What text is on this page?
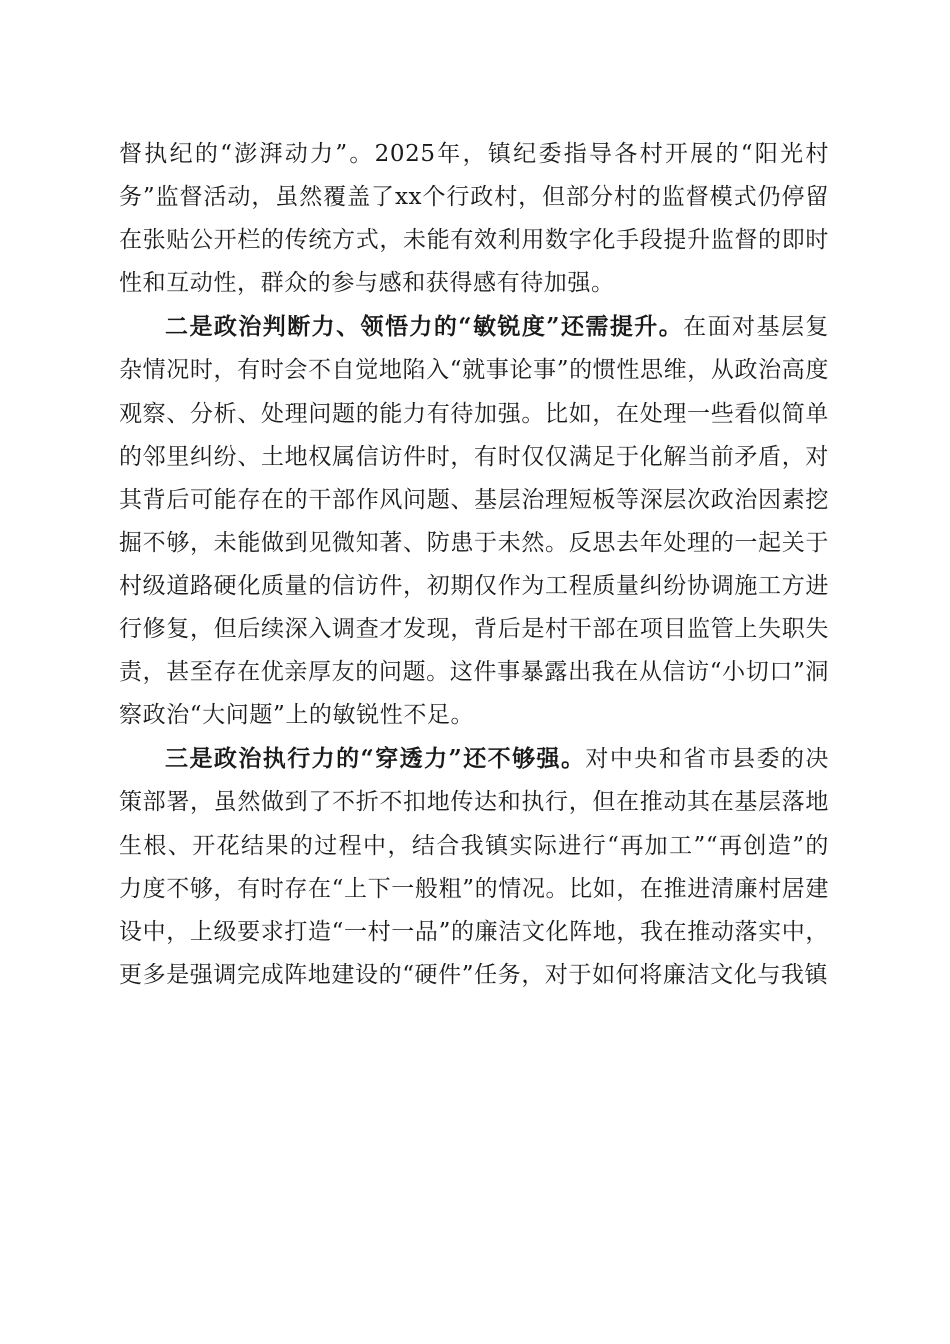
督执纪的“澎湃动力”。2025年，镇纪委指导各村开展的“阳光村务”监督活动，虽然覆盖了xx个行政村，但部分村的监督模式仍停留在张贴公开栏的传统方式，未能有效利用数字化手段提升监督的即时性和互动性，群众的参与感和获得感有待加强。

二是政治判断力、领悟力的“敏锐度”还需提升。在面对基层复杂情况时，有时会不自觉地陷入“就事论事”的惯性思维，从政治高度观察、分析、处理问题的能力有待加强。比如，在处理一些看似简单的邻里纠纷、土地权属信访件时，有时仅仅满足于化解当前矛盾，对其背后可能存在的干部作风问题、基层治理短板等深层次政治因素挖掘不够，未能做到见微知著、防患于未然。反思去年处理的一起关于村级道路硬化质量的信访件，初期仅作为工程质量纠纷协调施工方进行修复，但后续深入调查才发现，背后是村干部在项目监管上失职失责，甚至存在优亲厚友的问题。这件事暴露出我在从信访“小切口”洞察政治“大问题”上的敏锐性不足。

三是政治执行力的“穿透力”还不够强。对中央和省市县委的决策部署，虽然做到了不折不扣地传达和执行，但在推动其在基层落地生根、开花结果的过程中，结合我镇实际进行“再加工”“再创造”的力度不够，有时存在“上下一般粗”的情况。比如，在推进清廉村居建设中，上级要求打造“一村一品”的廉洁文化阵地，我在推动落实中，更多是强调完成阵地建设的“硬件”任务，对于如何将廉洁文化与我镇
